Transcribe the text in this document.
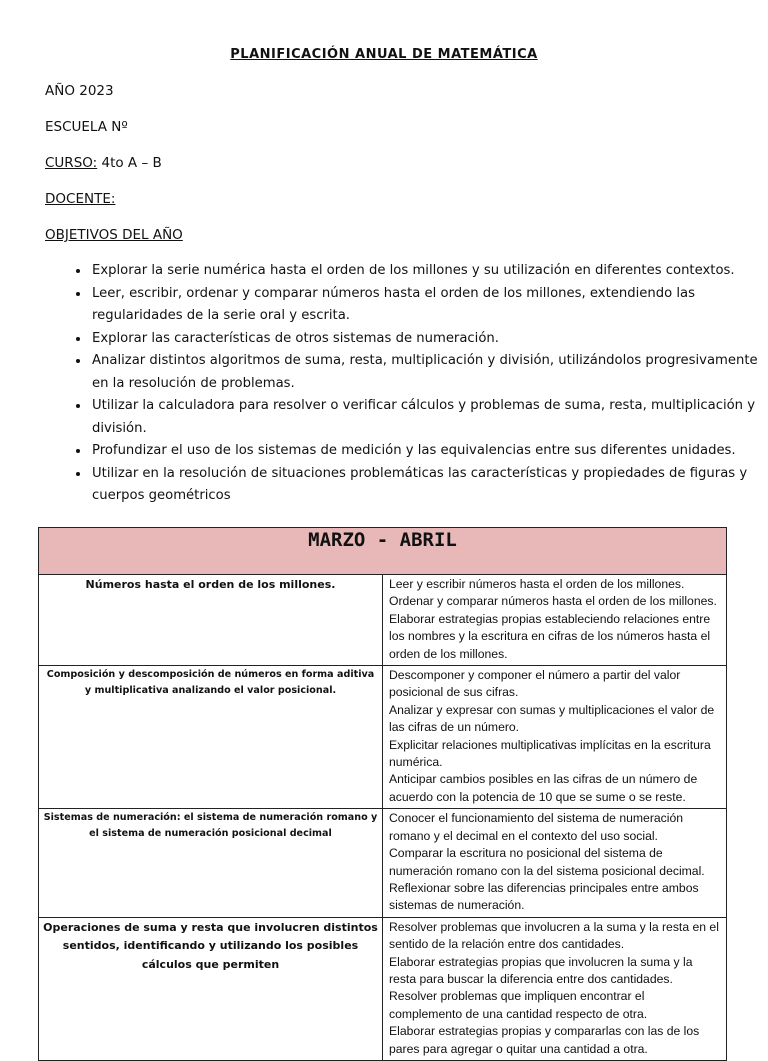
PLANIFICACIÓN ANUAL DE MATEMÁTICA
AÑO 2023
ESCUELA Nº
CURSO: 4to A – B
DOCENTE:
OBJETIVOS DEL AÑO
• Explorar la serie numérica hasta el orden de los millones y su utilización en diferentes contextos.
• Leer, escribir, ordenar y comparar números hasta el orden de los millones, extendiendo las regularidades de la serie oral y escrita.
• Explorar las características de otros sistemas de numeración.
• Analizar distintos algoritmos de suma, resta, multiplicación y división, utilizándolos progresivamente en la resolución de problemas.
• Utilizar la calculadora para resolver o verificar cálculos y problemas de suma, resta, multiplicación y división.
• Profundizar el uso de los sistemas de medición y las equivalencias entre sus diferentes unidades.
• Utilizar en la resolución de situaciones problemáticas las características y propiedades de figuras y cuerpos geométricos
MARZO - ABRIL	
Números hasta el orden de los millones.	Leer y escribir números hasta el orden de los millones.
Ordenar y comparar números hasta el orden de los millones.
Elaborar estrategias propias estableciendo relaciones entre los nombres y la escritura en cifras de los números hasta el orden de los millones.

Composición y descomposición de números en forma aditiva y multiplicativa analizando el valor posicional.	Descomponer y componer el número a partir del valor posicional de sus cifras.
Analizar y expresar con sumas y multiplicaciones el valor de las cifras de un número.
Explicitar relaciones multiplicativas implícitas en la escritura numérica.
Anticipar cambios posibles en las cifras de un número de acuerdo con la potencia de 10 que se sume o se reste.

Sistemas de numeración: el sistema de numeración romano y el sistema de numeración posicional decimal	Conocer el funcionamiento del sistema de numeración romano y el decimal en el contexto del uso social.
Comparar la escritura no posicional del sistema de numeración romano con la del sistema posicional decimal.
Reflexionar sobre las diferencias principales entre ambos sistemas de numeración.

Operaciones de suma y resta que involucren distintos sentidos, identificando y utilizando los posibles cálculos que permiten	Resolver problemas que involucren a la suma y la resta en el sentido de la relación entre dos cantidades.
Elaborar estrategias propias que involucren la suma y la resta para buscar la diferencia entre dos cantidades.
Resolver problemas que impliquen encontrar el complemento de una cantidad respecto de otra.
Elaborar estrategias propias y compararlas con las de los pares para agregar o quitar una cantidad a otra.
